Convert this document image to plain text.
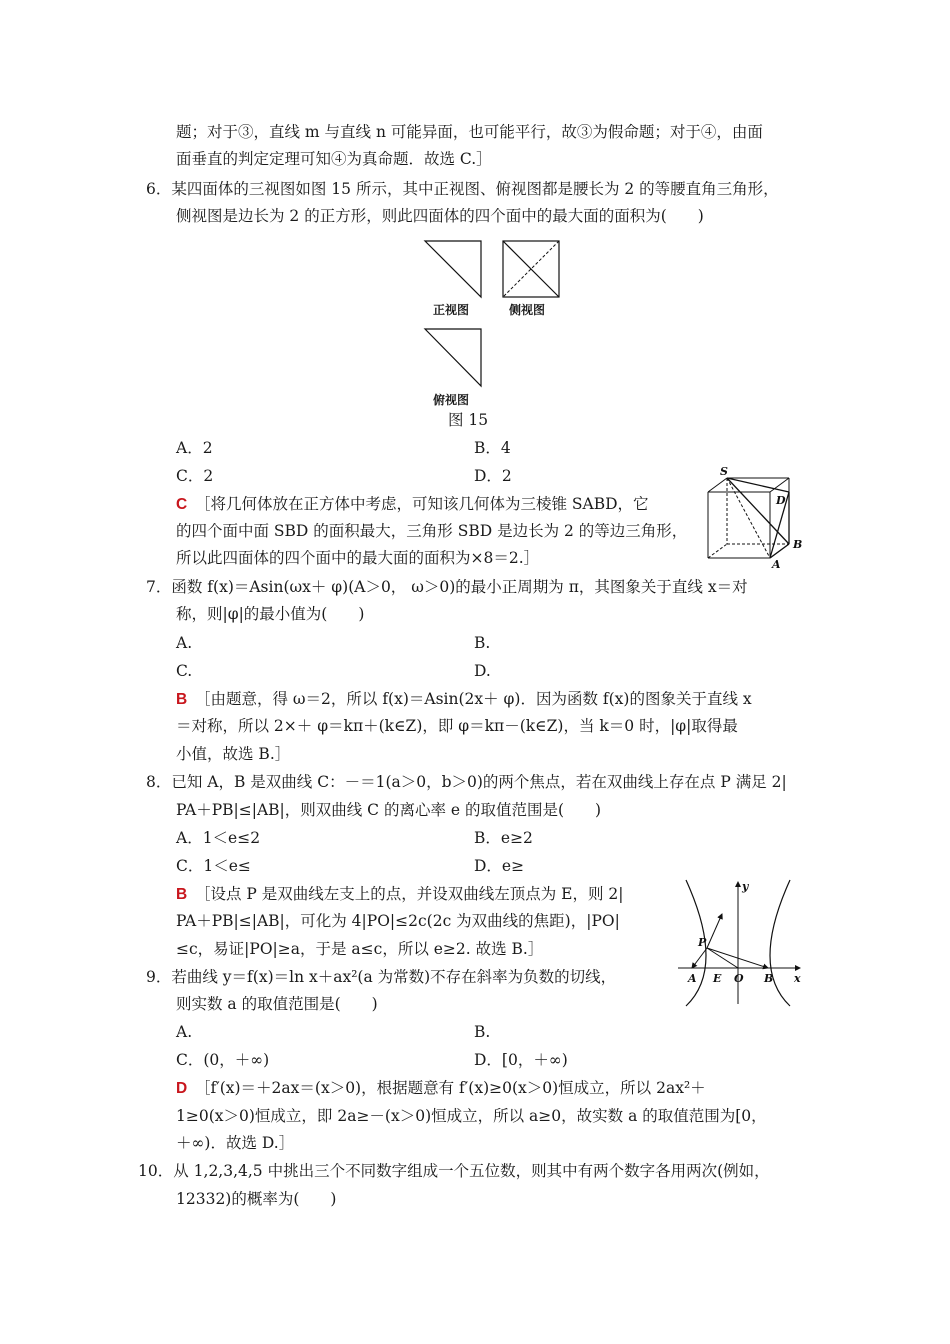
题；对于③，直线 m 与直线 n 可能异面，也可能平行，故③为假命题；对于④，由面
面垂直的判定定理可知④为真命题．故选 C.］
6．某四面体的三视图如图 15 所示，其中正视图、俯视图都是腰长为 2 的等腰直角三角形，
侧视图是边长为 2 的正方形，则此四面体的四个面中的最大面的面积为(　　)
正视图	侧视图
俯视图
图 15
A．2	B．4
C．2	D．2
C　 ［将几何体放在正方体中考虑，可知该几何体为三棱锥 SABD，它
的四个面中面 SBD 的面积最大，三角形 SBD 是边长为 2 的等边三角形，
所以此四面体的四个面中的最大面的面积为×8＝2.］
S
D
B
A
7．函数 f(x)＝Asin(ωx＋ φ)(A＞0， ω＞0)的最小正周期为 π，其图象关于直线 x＝对
称，则|φ|的最小值为(　　)
A.	B.
C.	D.
B　 ［由题意，得 ω＝2，所以 f(x)＝Asin(2x＋ φ)．因为函数 f(x)的图象关于直线 x
＝对称，所以 2×＋ φ＝kπ＋(k∈Z)，即 φ＝kπ－(k∈Z)，当 k＝0 时，|φ|取得最
小值，故选 B.］
8．已知 A，B 是双曲线 C：－＝1(a＞0，b＞0)的两个焦点，若在双曲线上存在点 P 满足 2|
PA＋PB|≤|AB|，则双曲线 C 的离心率 e 的取值范围是(　　)
A．1＜e≤2	B．e≥2
C．1＜e≤	D．e≥
B　 ［设点 P 是双曲线左支上的点，并设双曲线左顶点为 E，则 2|
PA＋PB|≤|AB|，可化为 4|PO|≤2c(2c 为双曲线的焦距)，|PO|
≤c，易证|PO|≥a，于是 a≤c，所以 e≥2. 故选 B.］
y
x
P
A E O B
9．若曲线 y＝f(x)＝ln x＋ax²(a 为常数)不存在斜率为负数的切线，
则实数 a 的取值范围是(　　)
A.	B.
C．(0，＋∞)	D．[0，＋∞)
D　 ［f′(x)＝＋2ax＝(x＞0)，根据题意有 f′(x)≥0(x＞0)恒成立，所以 2ax²＋
1≥0(x＞0)恒成立，即 2a≥－(x＞0)恒成立，所以 a≥0，故实数 a 的取值范围为[0，
＋∞)．故选 D.］
10．从 1,2,3,4,5 中挑出三个不同数字组成一个五位数，则其中有两个数字各用两次(例如，
12332)的概率为(　　)
